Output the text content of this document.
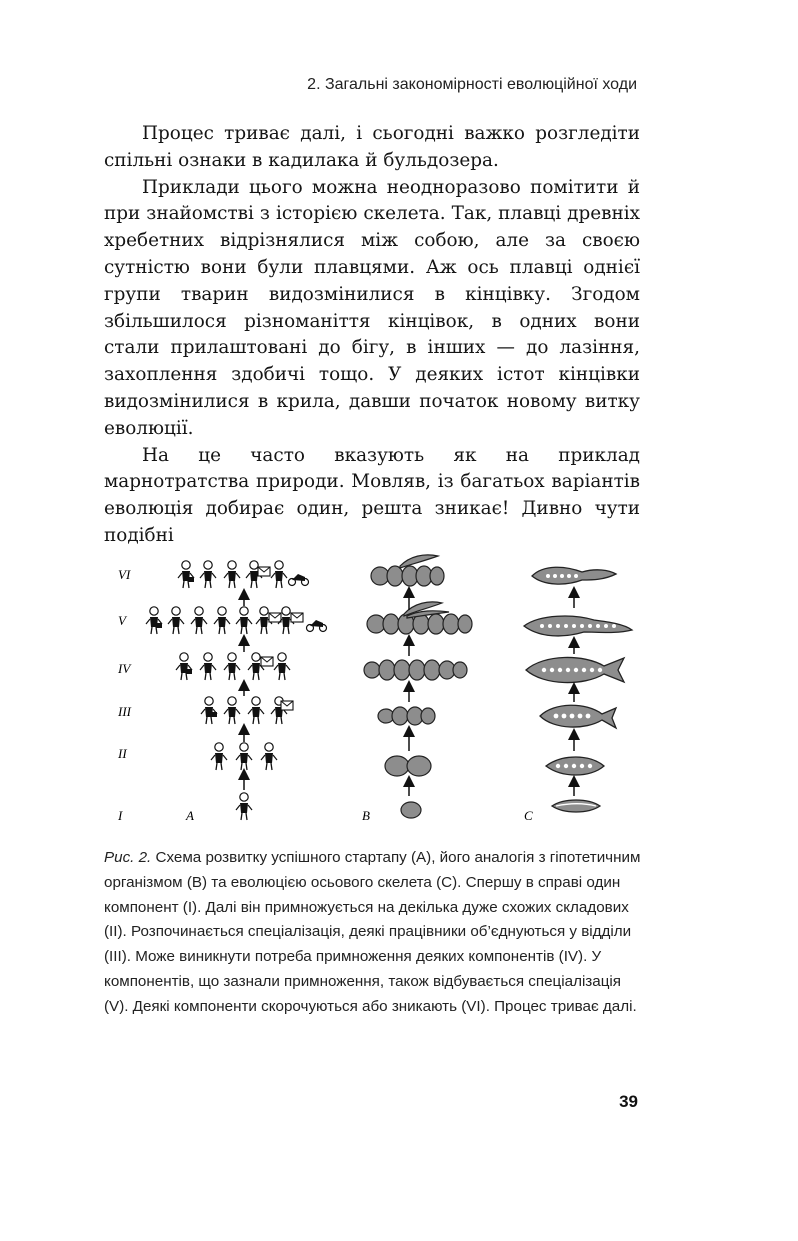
2. Загальні закономірності еволюційної ходи

Процес триває далі, і сьогодні важко розгледіти спільні ознаки в кадилака й бульдозера.

Приклади цього можна неодноразово помітити й при знайомстві з історією скелета. Так, плавці древніх хребетних відрізнялися між собою, але за своєю сутністю вони були плавцями. Аж ось плавці однієї групи тварин видозмінилися в кінцівку. Згодом збільшилося різноманіття кінцівок, в одних вони стали прилаштовані до бігу, в інших — до лазіння, захоплення здобичі тощо. У деяких істот кінцівки видозмінилися в крила, давши початок новому витку еволюції.

На це часто вказують як на приклад марнотратства природи. Мовляв, із багатьох варіантів еволюція добирає один, решта зникає! Дивно чути подібні

VI
V
IV
III
II
I	A	B	C
Рис. 2. Схема розвитку успішного стартапу (A), його аналогія з гіпотетичним організмом (B) та еволюцією осьового скелета (C). Спершу в справі один компонент (I). Далі він примножується на декілька дуже схожих складових (II). Розпочинається спеціалізація, деякі працівники об’єднуються у відділи (III). Може виникнути потреба примноження деяких компонентів (IV). У компонентів, що зазнали примноження, також відбувається спеціалізація (V). Деякі компоненти скорочуються або зникають (VI). Процес триває далі.
39
